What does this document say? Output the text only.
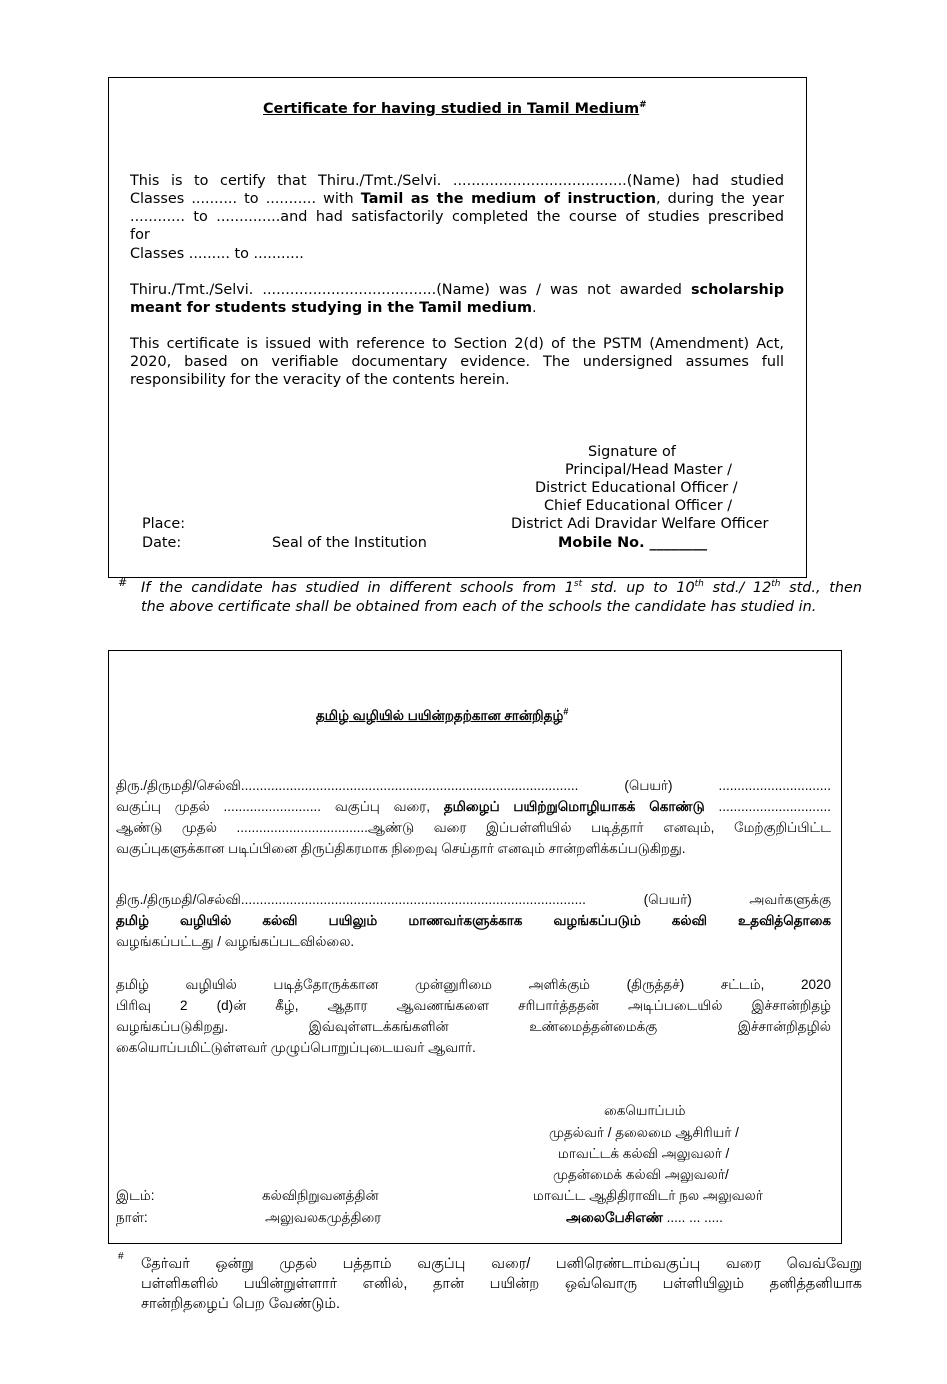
Certificate for having studied in Tamil Medium#
This is to certify that Thiru./Tmt./Selvi. ......................................(Name) had studied
Classes .......... to ........... with Tamil as the medium of instruction, during the year
............ to ..............and had satisfactorily completed the course of studies prescribed
for
Classes ......... to ...........
Thiru./Tmt./Selvi. ......................................(Name) was / was not awarded scholarship
meant for students studying in the Tamil medium.
This certificate is issued with reference to Section 2(d) of the PSTM (Amendment) Act,
2020, based on verifiable documentary evidence. The undersigned assumes full
responsibility for the veracity of the contents herein.
Signature of
Principal/Head Master /
District Educational Officer /
Chief Educational Officer /
District Adi Dravidar Welfare Officer
Place:
Date:	Seal of the Institution	Mobile No. ________
# If the candidate has studied in different schools from 1st std. up to 10th std./ 12th std., then
the above certificate shall be obtained from each of the schools the candidate has studied in.
தமிழ் வழியில் பயின்றதற்கான சான்றிதழ்#
திரு./திருமதி/செல்வி.......................................................................................... (பெயர்) ..............................
வகுப்பு முதல் .......................... வகுப்பு வரை, தமிழைப் பயிற்றுமொழியாகக் கொண்டு ..............................
ஆண்டு முதல் ...................................ஆண்டு வரை இப்பள்ளியில் படித்தார் எனவும், மேற்குறிப்பிட்ட
வகுப்புகளுக்கான படிப்பினை திருப்திகரமாக நிறைவு செய்தார் எனவும் சான்றளிக்கப்படுகிறது.
திரு./திருமதி/செல்வி............................................................................................ (பெயர்) அவர்களுக்கு
தமிழ் வழியில் கல்வி பயிலும் மாணவர்களுக்காக வழங்கப்படும் கல்வி உதவித்தொகை
வழங்கப்பட்டது / வழங்கப்படவில்லை.
தமிழ் வழியில் படித்தோருக்கான முன்னுரிமை அளிக்கும் (திருத்தச்) சட்டம், 2020
பிரிவு 2 (d)ன் கீழ், ஆதார ஆவணங்களை சரிபார்த்ததன் அடிப்படையில் இச்சான்றிதழ்
வழங்கப்படுகிறது. இவ்வுள்ளடக்கங்களின் உண்மைத்தன்மைக்கு இச்சான்றிதழில்
கையொப்பமிட்டுள்ளவர் முழுப்பொறுப்புடையவர் ஆவார்.
கையொப்பம்
முதல்வர் / தலைமை ஆசிரியர் /
மாவட்டக் கல்வி அலுவலர் /
முதன்மைக் கல்வி அலுவலர்/
மாவட்ட ஆதிதிராவிடர் நல அலுவலர்
இடம்:	கல்விநிறுவனத்தின்
நாள்:	அலுவலகமுத்திரை	அலைபேசிஎண் ..... ... .....
# தேர்வர் ஒன்று முதல் பத்தாம் வகுப்பு வரை/ பனிரெண்டாம்வகுப்பு வரை வெவ்வேறு
பள்ளிகளில் பயின்றுள்ளார் எனில், தான் பயின்ற ஒவ்வொரு பள்ளியிலும் தனித்தனியாக
சான்றிதழைப் பெற வேண்டும்.
